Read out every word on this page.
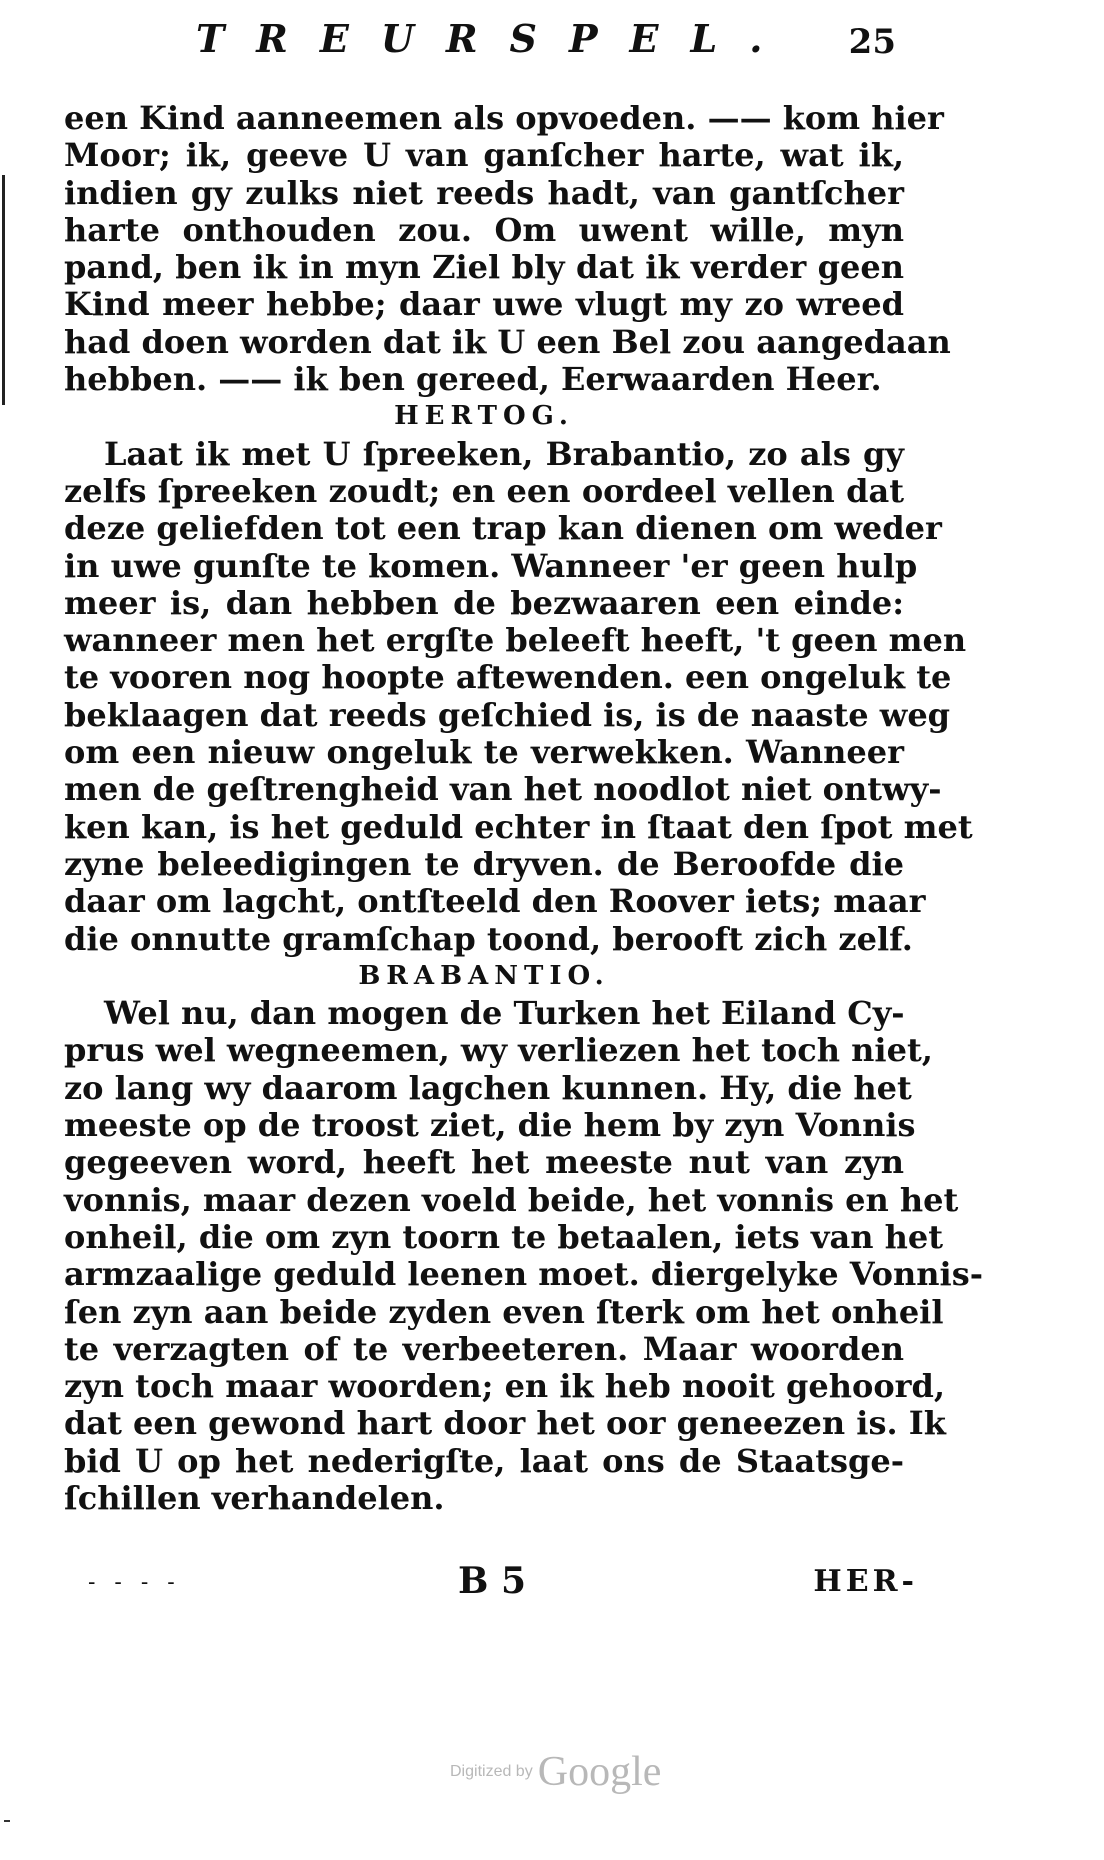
TREURSPEL. 25
een Kind aanneemen als opvoeden. —— kom hier
Moor; ik, geeve U van ganſcher harte, wat ik,
indien gy zulks niet reeds hadt, van gantſcher
harte onthouden zou. Om uwent wille, myn
pand, ben ik in myn Ziel bly dat ik verder geen
Kind meer hebbe; daar uwe vlugt my zo wreed
had doen worden dat ik U een Bel zou aangedaan
hebben. —— ik ben gereed, Eerwaarden Heer.
HERTOG.
Laat ik met U ſpreeken, Brabantio, zo als gy
zelfs ſpreeken zoudt; en een oordeel vellen dat
deze geliefden tot een trap kan dienen om weder
in uwe gunſte te komen. Wanneer 'er geen hulp
meer is, dan hebben de bezwaaren een einde:
wanneer men het ergſte beleeft heeft, 't geen men
te vooren nog hoopte aftewenden. een ongeluk te
beklaagen dat reeds geſchied is, is de naaste weg
om een nieuw ongeluk te verwekken. Wanneer
men de geſtrengheid van het noodlot niet ontwy-
ken kan, is het geduld echter in ſtaat den ſpot met
zyne beleedigingen te dryven. de Beroofde die
daar om lagcht, ontſteeld den Roover iets; maar
die onnutte gramſchap toond, berooft zich zelf.
BRABANTIO.
Wel nu, dan mogen de Turken het Eiland Cy-
prus wel wegneemen, wy verliezen het toch niet,
zo lang wy daarom lagchen kunnen. Hy, die het
meeste op de troost ziet, die hem by zyn Vonnis
gegeeven word, heeft het meeste nut van zyn
vonnis, maar dezen voeld beide, het vonnis en het
onheil, die om zyn toorn te betaalen, iets van het
armzaalige geduld leenen moet. diergelyke Vonnis-
ſen zyn aan beide zyden even ſterk om het onheil
te verzagten of te verbeeteren. Maar woorden
zyn toch maar woorden; en ik heb nooit gehoord,
dat een gewond hart door het oor geneezen is. Ik
bid U op het nederigſte, laat ons de Staatsge-
ſchillen verhandelen.
- - - -	B 5	HER-
Digitized by Google
